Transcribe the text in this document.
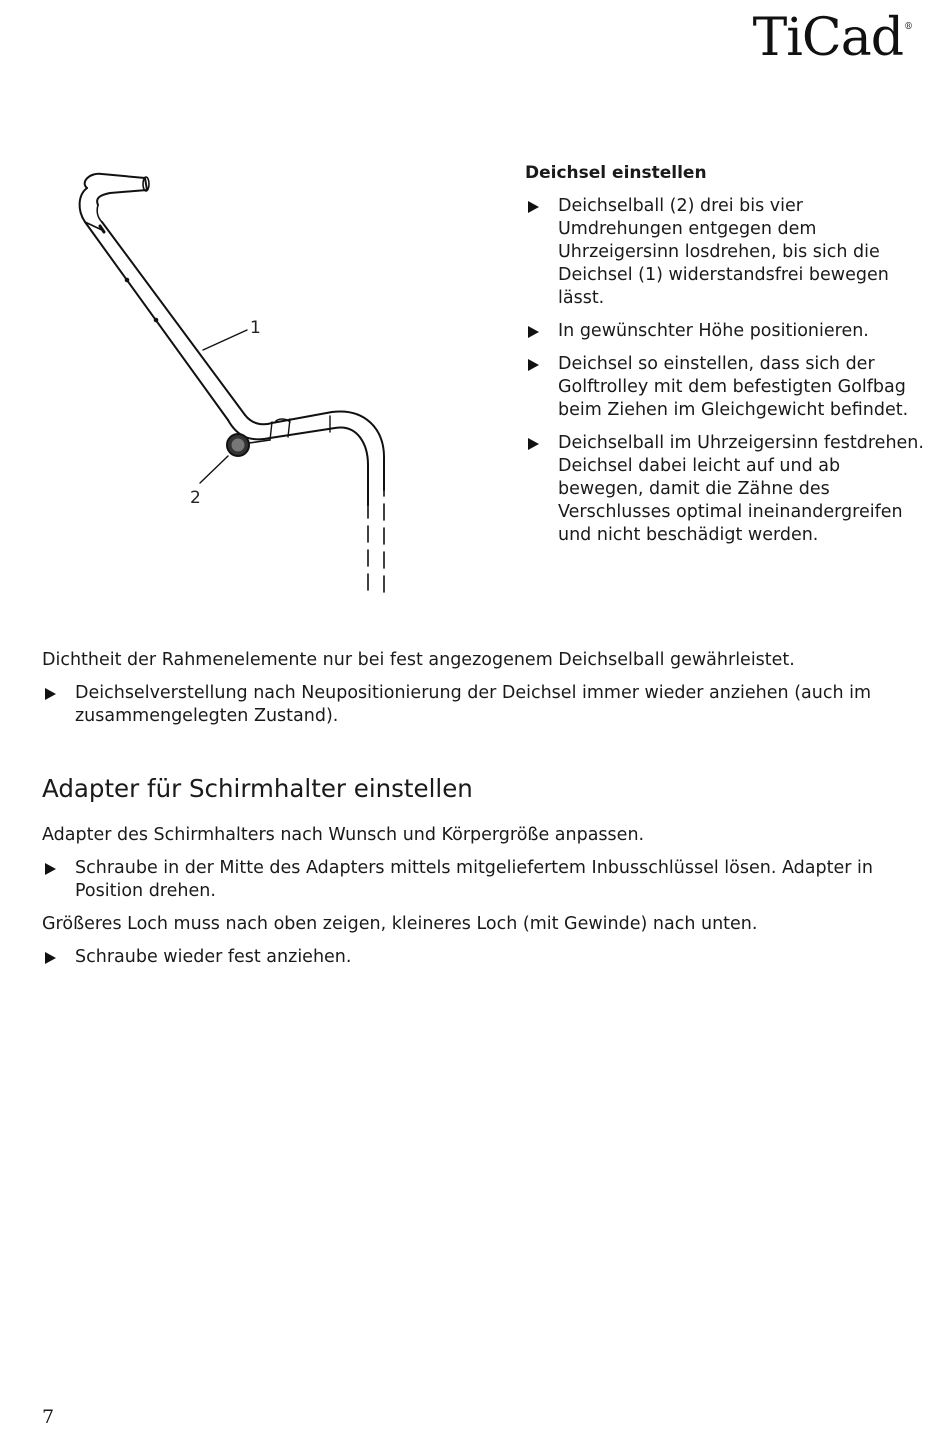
TiCad®
1
2
Deichsel einstellen
Deichselball (2) drei bis vier Umdrehungen entgegen dem Uhrzeigersinn losdrehen, bis sich die Deichsel (1) widerstandsfrei bewegen lässt.
In gewünschter Höhe positionieren.
Deichsel so einstellen, dass sich der Golftrolley mit dem befestigten Golfbag beim Ziehen im Gleichgewicht befindet.
Deichselball im Uhrzeigersinn festdrehen. Deichsel dabei leicht auf und ab bewegen, damit die Zähne des Verschlusses optimal ineinandergreifen und nicht beschädigt werden.

Dichtheit der Rahmenelemente nur bei fest angezogenem Deichselball gewährleistet.

Deichselverstellung nach Neupositionierung der Deichsel immer wieder anziehen (auch im zusammengelegten Zustand).
Adapter für Schirmhalter einstellen

Adapter des Schirmhalters nach Wunsch und Körpergröße anpassen.

Schraube in der Mitte des Adapters mittels mitgeliefertem Inbusschlüssel lösen. Adapter in Position drehen.

Größeres Loch muss nach oben zeigen, kleineres Loch (mit Gewinde) nach unten.

Schraube wieder fest anziehen.
7
